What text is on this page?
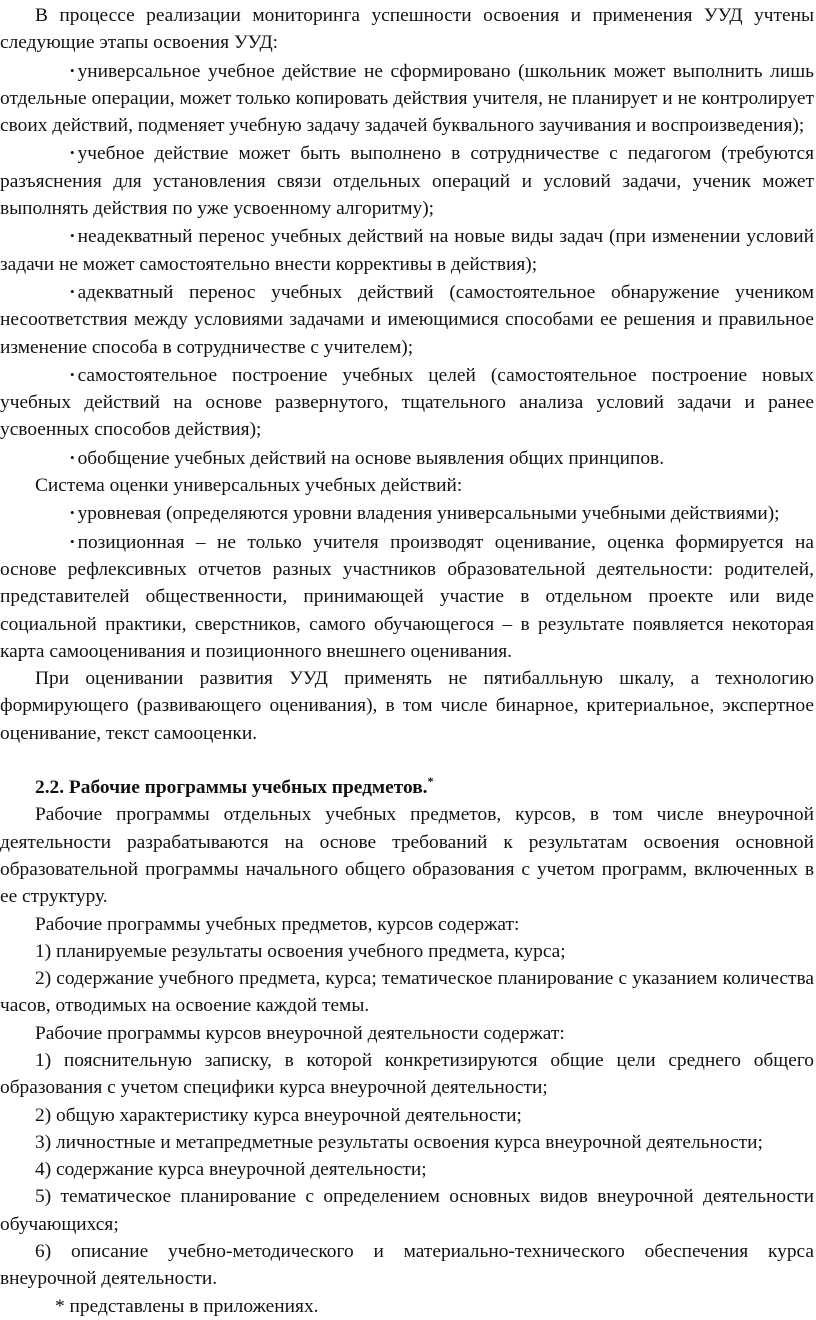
В процессе реализации мониторинга успешности освоения и применения УУД учтены следующие этапы освоения УУД:

• универсальное учебное действие не сформировано (школьник может выполнить лишь отдельные операции, может только копировать действия учителя, не планирует и не контролирует своих действий, подменяет учебную задачу задачей буквального заучивания и воспроизведения);

• учебное действие может быть выполнено в сотрудничестве с педагогом (требуются разъяснения для установления связи отдельных операций и условий задачи, ученик может выполнять действия по уже усвоенному алгоритму);

• неадекватный перенос учебных действий на новые виды задач (при изменении условий задачи не может самостоятельно внести коррективы в действия);

• адекватный перенос учебных действий (самостоятельное обнаружение учеником несоответствия между условиями задачами и имеющимися способами ее решения и правильное изменение способа в сотрудничестве с учителем);

• самостоятельное построение учебных целей (самостоятельное построение новых учебных действий на основе развернутого, тщательного анализа условий задачи и ранее усвоенных способов действия);

• обобщение учебных действий на основе выявления общих принципов.

Система оценки универсальных учебных действий:

• уровневая (определяются уровни владения универсальными учебными действиями);

• позиционная – не только учителя производят оценивание, оценка формируется на основе рефлексивных отчетов разных участников образовательной деятельности: родителей, представителей общественности, принимающей участие в отдельном проекте или виде социальной практики, сверстников, самого обучающегося – в результате появляется некоторая карта самооценивания и позиционного внешнего оценивания.

При оценивании развития УУД применять не пятибалльную шкалу, а технологию формирующего (развивающего оценивания), в том числе бинарное, критериальное, экспертное оценивание, текст самооценки.

2.2. Рабочие программы учебных предметов.*

Рабочие программы отдельных учебных предметов, курсов, в том числе внеурочной деятельности разрабатываются на основе требований к результатам освоения основной образовательной программы начального общего образования с учетом программ, включенных в ее структуру.

Рабочие программы учебных предметов, курсов содержат:

1) планируемые результаты освоения учебного предмета, курса;

2) содержание учебного предмета, курса; тематическое планирование с указанием количества часов, отводимых на освоение каждой темы.

Рабочие программы курсов внеурочной деятельности содержат:

1) пояснительную записку, в которой конкретизируются общие цели среднего общего образования с учетом специфики курса внеурочной деятельности;

2) общую характеристику курса внеурочной деятельности;

3) личностные и метапредметные результаты освоения курса внеурочной деятельности;

4) содержание курса внеурочной деятельности;

5) тематическое планирование с определением основных видов внеурочной деятельности обучающихся;

6) описание учебно-методического и материально-технического обеспечения курса внеурочной деятельности.

* представлены в приложениях.
